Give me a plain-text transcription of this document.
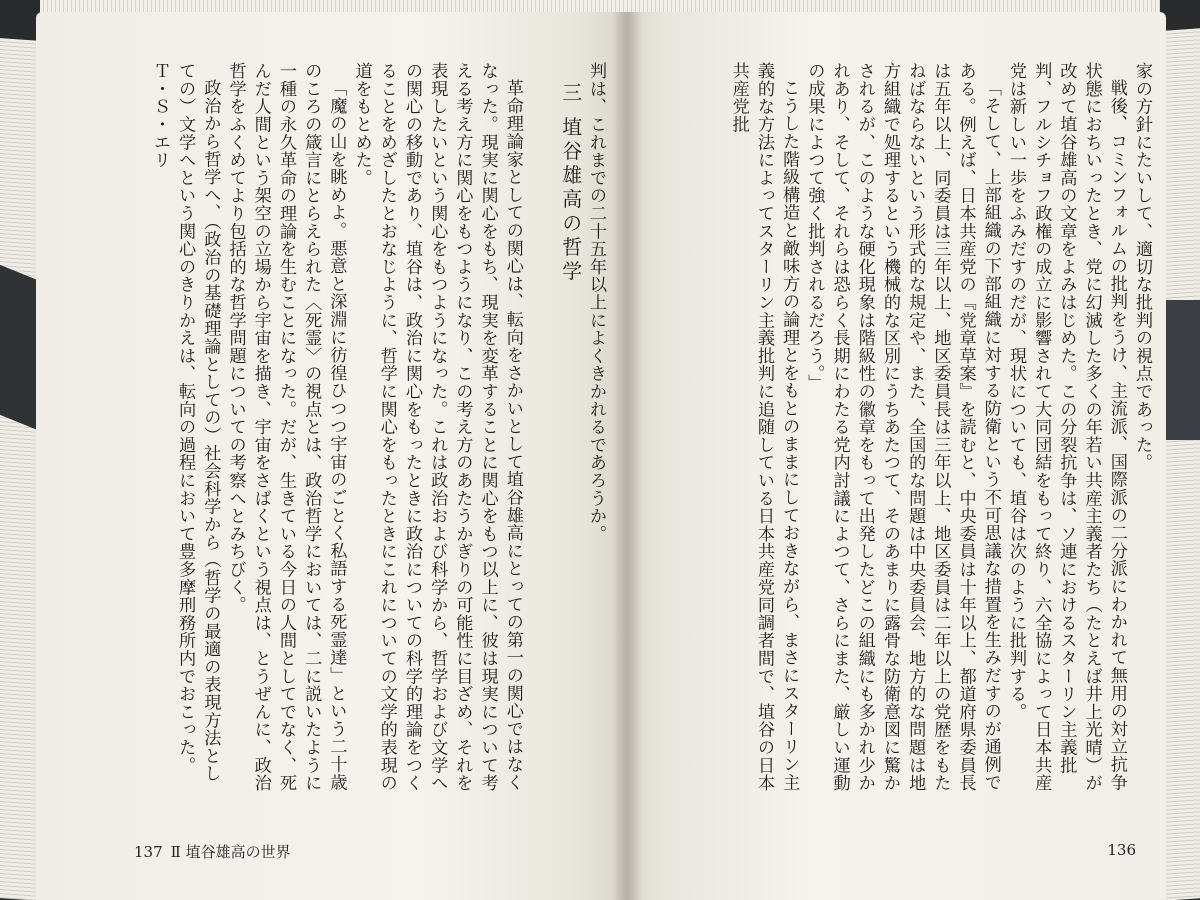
判は、これまでの二十五年以上によくきかれるであろうか。

三 埴谷雄高の哲学

革命理論家としての関心は、転向をさかいとして埴谷雄高にとっての第一の関心ではなくなった。現実に関心をもち、現実を変革することに関心をもつ以上に、彼は現実について考える考え方に関心をもつようになり、この考え方のあたうかぎりの可能性に目ざめ、それを表現したいという関心をもつようになった。これは政治および科学から、哲学および文学への関心の移動であり、埴谷は、政治に関心をもったときに政治についての科学的理論をつくることをめざしたとおなじように、哲学に関心をもったときにこれについての文学的表現の道をもとめた。

「魔の山を眺めよ。悪意と深淵に彷徨ひつつ宇宙のごとく私語する死霊達」という二十歳のころの箴言にとらえられた〈死霊〉の視点とは、政治哲学においては、二に説いたように一種の永久革命の理論を生むことになった。だが、生きている今日の人間としてでなく、死んだ人間という架空の立場から宇宙を描き、宇宙をさばくという視点は、とうぜんに、政治哲学をふくめてより包括的な哲学問題についての考察へとみちびく。

政治から哲学へ、（政治の基礎理論としての）社会科学から（哲学の最適の表現方法としての）文学へという関心のきりかえは、転向の過程において豊多摩刑務所内でおこった。Ｔ・Ｓ・エリ

137 Ⅱ 埴谷雄高の世界

家の方針にたいして、適切な批判の視点であった。

戦後、コミンフォルムの批判をうけ、主流派、国際派の二分派にわかれて無用の対立抗争状態におちいったとき、党に幻滅した多くの年若い共産主義者たち（たとえば井上光晴）が改めて埴谷雄高の文章をよみはじめた。この分裂抗争は、ソ連におけるスターリン主義批判、フルシチョフ政権の成立に影響されて大同団結をもって終り、六全協によって日本共産党は新しい一歩をふみだすのだが、現状についても、埴谷は次のように批判する。

「そして、上部組織の下部組織に対する防衛という不可思議な措置を生みだすのが通例である。例えば、日本共産党の『党章草案』を読むと、中央委員は十年以上、都道府県委員長は五年以上、同委員は三年以上、地区委員長は三年以上、地区委員は二年以上の党歴をもたねばならないという形式的な規定や、また、全国的な問題は中央委員会、地方的な問題は地方組織で処理するという機械的な区別にうちあたつて、そのあまりに露骨な防衛意図に驚かされるが、このような硬化現象は階級性の徽章をもって出発したどこの組織にも多かれ少かれあり、そして、それらは恐らく長期にわたる党内討議によつて、さらにまた、厳しい運動の成果によつて強く批判されるだろう。」

こうした階級構造と敵味方の論理とをもとのままにしておきながら、まさにスターリン主義的な方法によってスターリン主義批判に追随している日本共産党同調者間で、埴谷の日本共産党批

136
